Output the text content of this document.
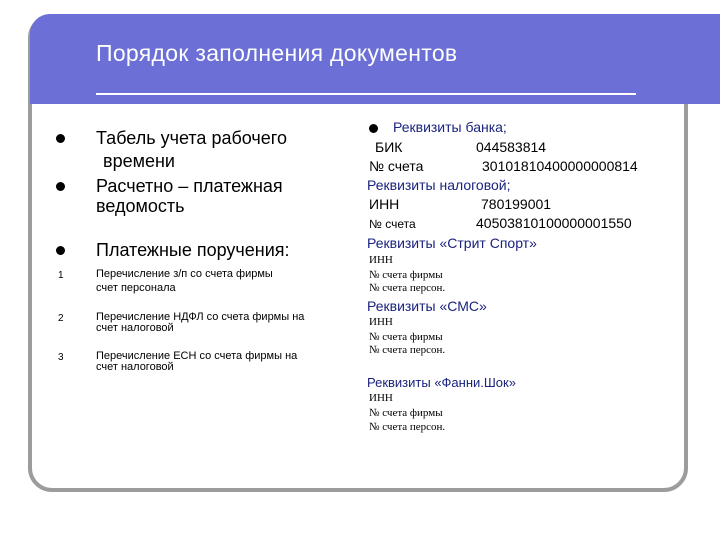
Порядок заполнения документов
Табель учета рабочего
времени
Расчетно – платежная
ведомость
Платежные поручения:
1	Перечисление з/п со счета фирмы
счет персонала
2	Перечисление НДФЛ со счета фирмы на
счет налоговой
3	Перечисление ЕСН со счета фирмы на
счет налоговой
Реквизиты банка;
БИК	044583814
№ счета	30101810400000000814
Реквизиты налоговой;
ИНН	780199001
№ счета	40503810100000001550
Реквизиты «Стрит Спорт»
ИНН
№ счета фирмы
№ счета персон.
Реквизиты «СМС»
ИНН
№ счета фирмы
№ счета персон.
Реквизиты «Фанни.Шок»
ИНН
№ счета фирмы
№ счета персон.
